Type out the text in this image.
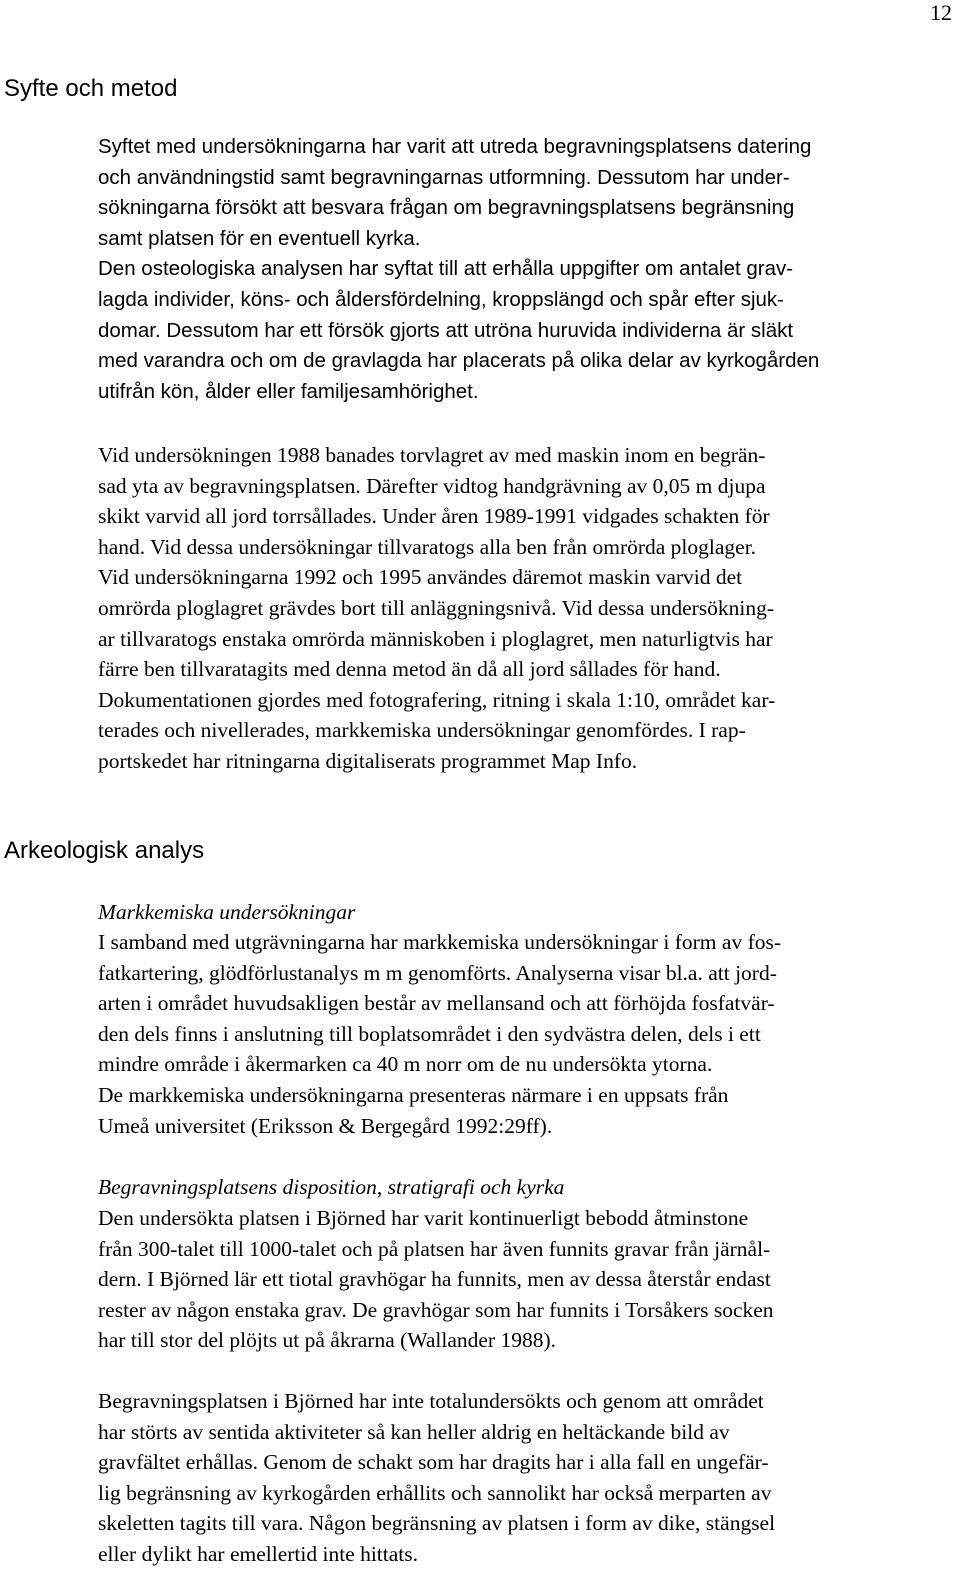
12
Syfte och metod
Syftet med undersökningarna har varit att utreda begravningsplatsens datering
och användningstid samt begravningarnas utformning. Dessutom har under-
sökningarna försökt att besvara frågan om begravningsplatsens begränsning
samt platsen för en eventuell kyrka.
Den osteologiska analysen har syftat till att erhålla uppgifter om antalet grav-
lagda individer, köns- och åldersfördelning, kroppslängd och spår efter sjuk-
domar. Dessutom har ett försök gjorts att utröna huruvida individerna är släkt
med varandra och om de gravlagda har placerats på olika delar av kyrkogården
utifrån kön, ålder eller familjesamhörighet.
Vid undersökningen 1988 banades torvlagret av med maskin inom en begrän-
sad yta av begravningsplatsen. Därefter vidtog handgrävning av 0,05 m djupa
skikt varvid all jord torrsållades. Under åren 1989-1991 vidgades schakten för
hand. Vid dessa undersökningar tillvaratogs alla ben från omrörda ploglager.
Vid undersökningarna 1992 och 1995 användes däremot maskin varvid det
omrörda ploglagret grävdes bort till anläggningsnivå. Vid dessa undersökning-
ar tillvaratogs enstaka omrörda människoben i ploglagret, men naturligtvis har
färre ben tillvaratagits med denna metod än då all jord sållades för hand.
Dokumentationen gjordes med fotografering, ritning i skala 1:10, området kar-
terades och nivellerades, markkemiska undersökningar genomfördes. I rap-
portskedet har ritningarna digitaliserats programmet Map Info.
Arkeologisk analys
Markkemiska undersökningar
I samband med utgrävningarna har markkemiska undersökningar i form av fos-
fatkartering, glödförlustanalys m m genomförts. Analyserna visar bl.a. att jord-
arten i området huvudsakligen består av mellansand och att förhöjda fosfatvär-
den dels finns i anslutning till boplatsområdet i den sydvästra delen, dels i ett
mindre område i åkermarken ca 40 m norr om de nu undersökta ytorna.
De markkemiska undersökningarna presenteras närmare i en uppsats från
Umeå universitet (Eriksson & Bergegård 1992:29ff).
Begravningsplatsens disposition, stratigrafi och kyrka
Den undersökta platsen i Björned har varit kontinuerligt bebodd åtminstone
från 300-talet till 1000-talet och på platsen har även funnits gravar från järnål-
dern. I Björned lär ett tiotal gravhögar ha funnits, men av dessa återstår endast
rester av någon enstaka grav. De gravhögar som har funnits i Torsåkers socken
har till stor del plöjts ut på åkrarna (Wallander 1988).
Begravningsplatsen i Björned har inte totalundersökts och genom att området
har störts av sentida aktiviteter så kan heller aldrig en heltäckande bild av
gravfältet erhållas. Genom de schakt som har dragits har i alla fall en ungefär-
lig begränsning av kyrkogården erhållits och sannolikt har också merparten av
skeletten tagits till vara. Någon begränsning av platsen i form av dike, stängsel
eller dylikt har emellertid inte hittats.
